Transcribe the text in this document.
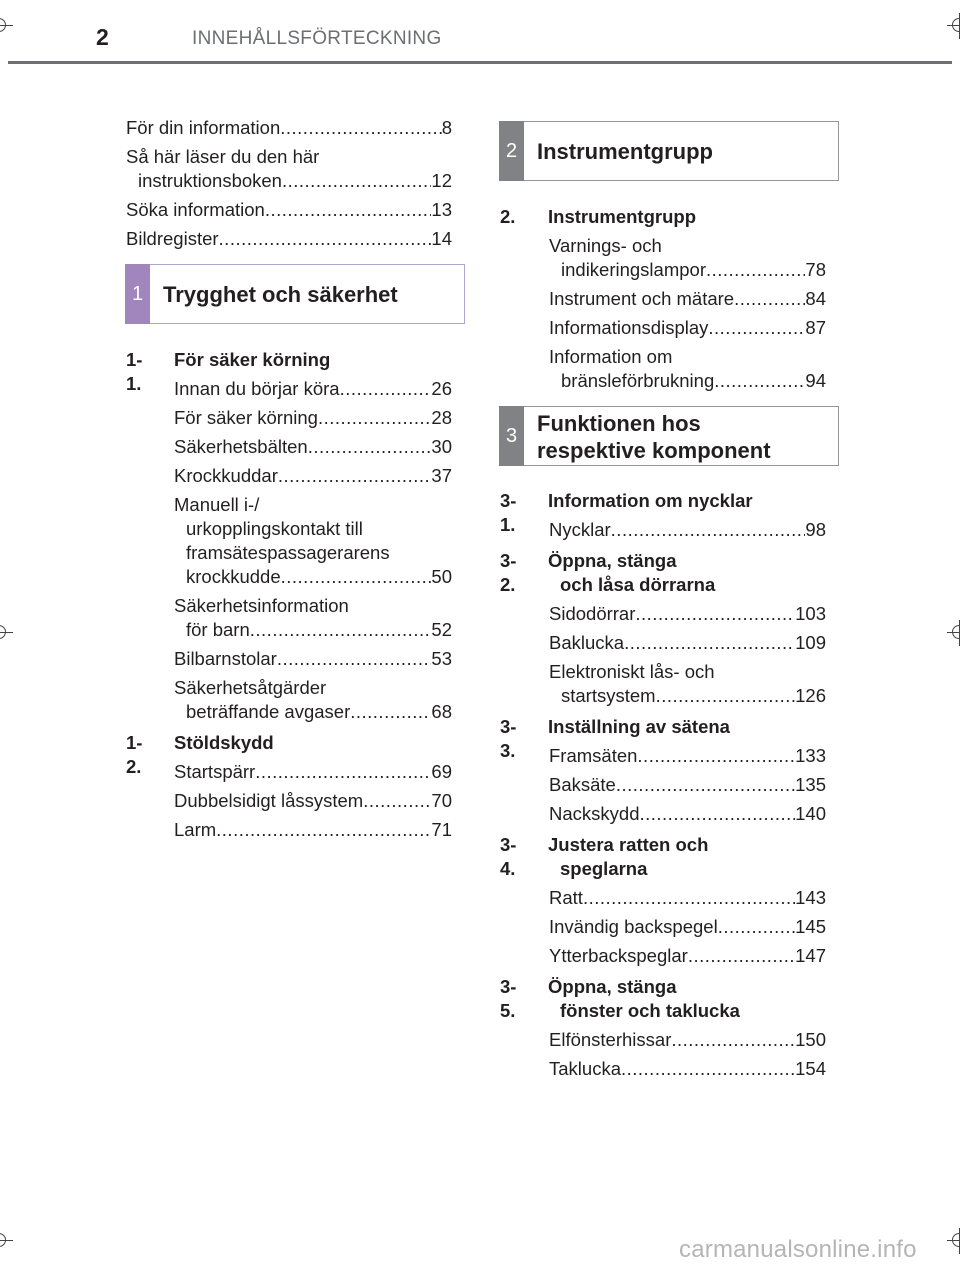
2	INNEHÅLLSFÖRTECKNING
För din information .....	8
Så här läser du den här
instruktionsboken .....	12
Söka information .....	13
Bildregister .....	14
1 Trygghet och säkerhet
1-1.
För säker körning
Innan du börjar köra .....	26
För säker körning .....	28
Säkerhetsbälten .....	30
Krockkuddar .....	37
Manuell i-/
urkopplingskontakt till
framsätespassagerarens
krockkudde .....	50
Säkerhetsinformation
för barn .....	52
Bilbarnstolar .....	53
Säkerhetsåtgärder
beträffande avgaser .....	68
1-2.
Stöldskydd
Startspärr .....	69
Dubbelsidigt låssystem .....	70
Larm .....	71
2 Instrumentgrupp
2. Instrumentgrupp
Varnings- och
indikeringslampor .....	78
Instrument och mätare .....	84
Informationsdisplay .....	87
Information om
bränsleförbrukning .....	94
3 Funktionen hos
respektive komponent
3-1.
Information om nycklar
Nycklar .....	98
3-2.
Öppna, stänga
och låsa dörrarna
Sidodörrar .....	103
Baklucka .....	109
Elektroniskt lås- och
startsystem .....	126
3-3.
Inställning av sätena
Framsäten .....	133
Baksäte .....	135
Nackskydd .....	140
3-4.
Justera ratten och
speglarna
Ratt .....	143
Invändig backspegel .....	145
Ytterbackspeglar .....	147
3-5.
Öppna, stänga
fönster och taklucka
Elfönsterhissar .....	150
Taklucka .....	154
carmanualsonline.info
